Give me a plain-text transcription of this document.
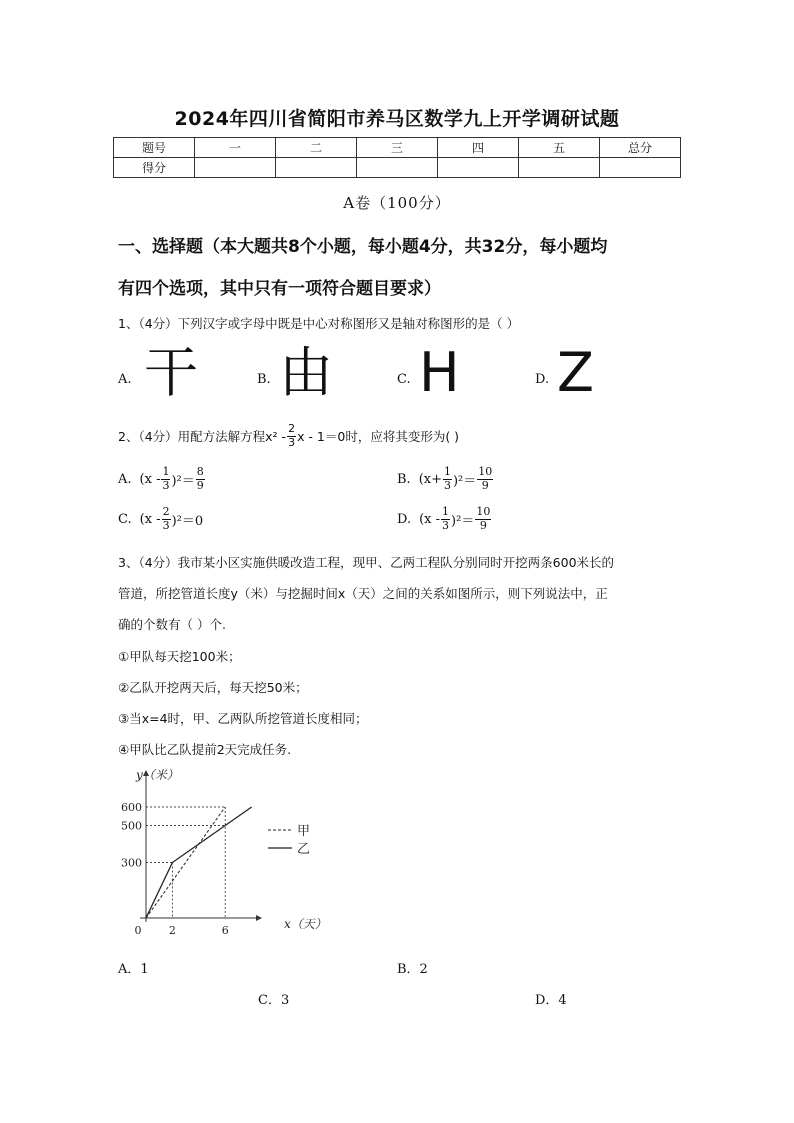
2024年四川省简阳市养马区数学九上开学调研试题
题号	一	二	三	四	五	总分
得分						
A卷（100分）
一、选择题（本大题共8个小题，每小题4分，共32分，每小题均
有四个选项，其中只有一项符合题目要求）
1、（4分）下列汉字或字母中既是中心对称图形又是轴对称图形的是（ ）
A. 干	B. 由	C. H	D. Z
2、（4分）用配方法解方程$x^2 - \frac{2}{3}$ x - 1＝0时，应将其变形为( )
A. $(x - \frac{1}{3} )^2= \frac{8}{9}$	B. $(x+ \frac{1}{3} )^2= \frac{10}{9}$
C. $(x - \frac{2}{3} )^2=0$	D. $(x - \frac{1}{3} )^2= \frac{10}{9}$
3、（4分）我市某小区实施供暖改造工程，现甲、乙两工程队分别同时开挖两条600米长的
管道，所挖管道长度y（米）与挖掘时间x（天）之间的关系如图所示，则下列说法中，正
确的个数有（ ）个.
①甲队每天挖100米；
②乙队开挖两天后，每天挖50米；
③当x=4时，甲、乙两队所挖管道长度相同；
④甲队比乙队提前2天完成任务.
甲
乙
300
500
600
2	6
0
y（米）
x（天）
A．1	B．2
C．3	D．4
